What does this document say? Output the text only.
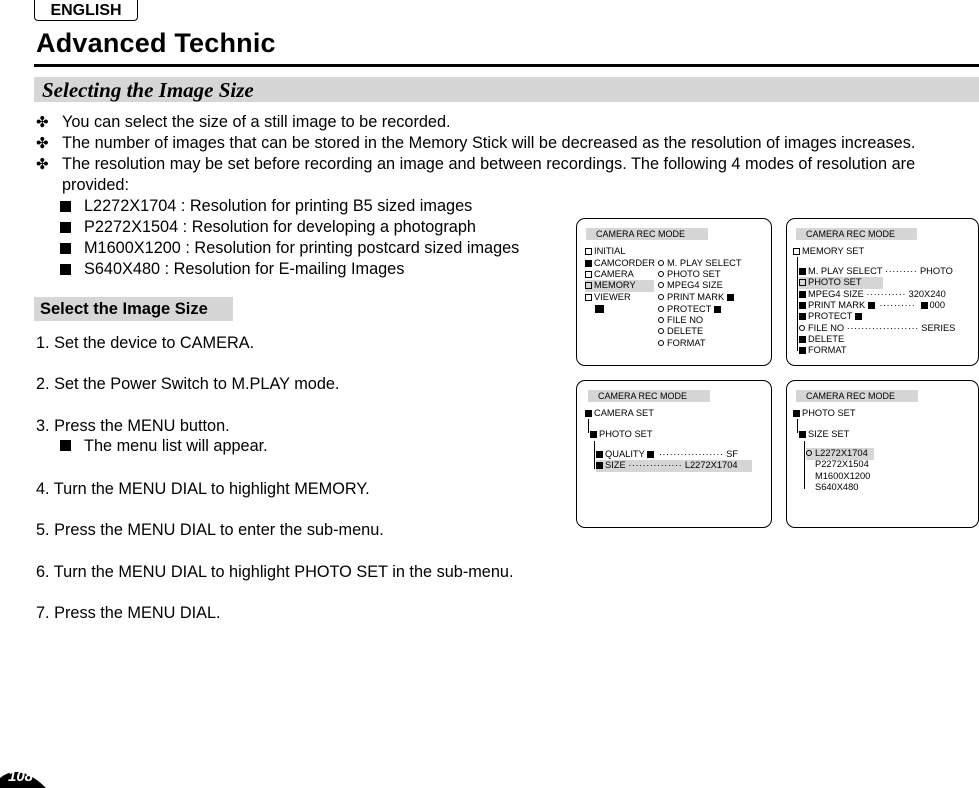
ENGLISH
Advanced Technic
Selecting the Image Size
✤ You can select the size of a still image to be recorded.
✤ The number of images that can be stored in the Memory Stick will be decreased as the resolution of images increases.
✤ The resolution may be set before recording an image and between recordings. The following 4 modes of resolution are provided:
L2272X1704 : Resolution for printing B5 sized images
P2272X1504 : Resolution for developing a photograph
M1600X1200 : Resolution for printing postcard sized images
S640X480 : Resolution for E-mailing Images
Select the Image Size
1. Set the device to CAMERA.
2. Set the Power Switch to M.PLAY mode.
3. Press the MENU button.
The menu list will appear.
4. Turn the MENU DIAL to highlight MEMORY.
5. Press the MENU DIAL to enter the sub-menu.
6. Turn the MENU DIAL to highlight PHOTO SET in the sub-menu.
7. Press the MENU DIAL.
CAMERA REC MODE
INITIAL
CAMCORDER
CAMERA
MEMORY
VIEWER
M. PLAY SELECT
PHOTO SET
MPEG4 SIZE
PRINT MARK
PROTECT
FILE NO
DELETE
FORMAT
CAMERA REC MODE
MEMORY SET
M. PLAY SELECT ········· PHOTO
PHOTO SET
MPEG4 SIZE ··········· 320X240
PRINT MARK ·········· 000
PROTECT
FILE NO ···················· SERIES
DELETE
FORMAT
CAMERA REC MODE
CAMERA SET
PHOTO SET
QUALITY ·················· SF
SIZE ··············· L2272X1704
CAMERA REC MODE
PHOTO SET
SIZE SET
L2272X1704
P2272X1504
M1600X1200
S640X480
108
